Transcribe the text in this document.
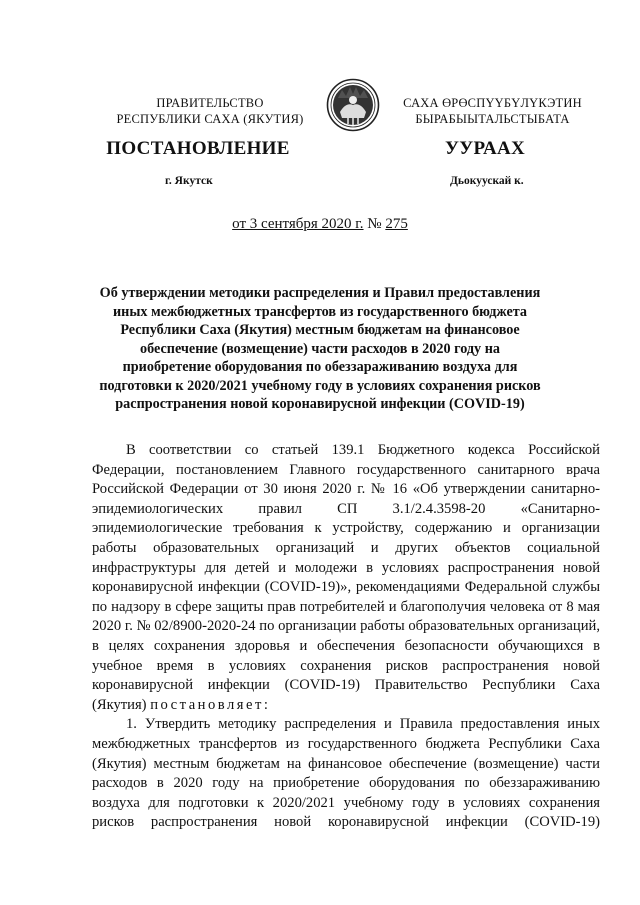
ПРАВИТЕЛЬСТВО
РЕСПУБЛИКИ САХА (ЯКУТИЯ)
САХА ӨРӨСПҮҮБҮЛҮКЭТИН
БЫРАБЫЫТАЛЬСТЫБАТА
ПОСТАНОВЛЕНИЕ	УУРААХ
г. Якутск	Дьокуускай к.
от 3 сентября 2020 г. № 275
Об утверждении методики распределения и Правил предоставления иных межбюджетных трансфертов из государственного бюджета Республики Саха (Якутия) местным бюджетам на финансовое обеспечение (возмещение) части расходов в 2020 году на приобретение оборудования по обеззараживанию воздуха для подготовки к 2020/2021 учебному году в условиях сохранения рисков распространения новой коронавирусной инфекции (COVID-19)

В соответствии со статьей 139.1 Бюджетного кодекса Российской Федерации, постановлением Главного государственного санитарного врача Российской Федерации от 30 июня 2020 г. № 16 «Об утверждении санитарно-эпидемиологических правил СП 3.1/2.4.3598-20 «Санитарно-эпидемиологические требования к устройству, содержанию и организации работы образовательных организаций и других объектов социальной инфраструктуры для детей и молодежи в условиях распространения новой коронавирусной инфекции (COVID-19)», рекомендациями Федеральной службы по надзору в сфере защиты прав потребителей и благополучия человека от 8 мая 2020 г. № 02/8900-2020-24 по организации работы образовательных организаций, в целях сохранения здоровья и обеспечения безопасности обучающихся в учебное время в условиях сохранения рисков распространения новой коронавирусной инфекции (COVID-19) Правительство Республики Саха (Якутия) постановляет:

1. Утвердить методику распределения и Правила предоставления иных межбюджетных трансфертов из государственного бюджета Республики Саха (Якутия) местным бюджетам на финансовое обеспечение (возмещение) части расходов в 2020 году на приобретение оборудования по обеззараживанию воздуха для подготовки к 2020/2021 учебному году в условиях сохранения рисков распространения новой коронавирусной инфекции (COVID-19)
